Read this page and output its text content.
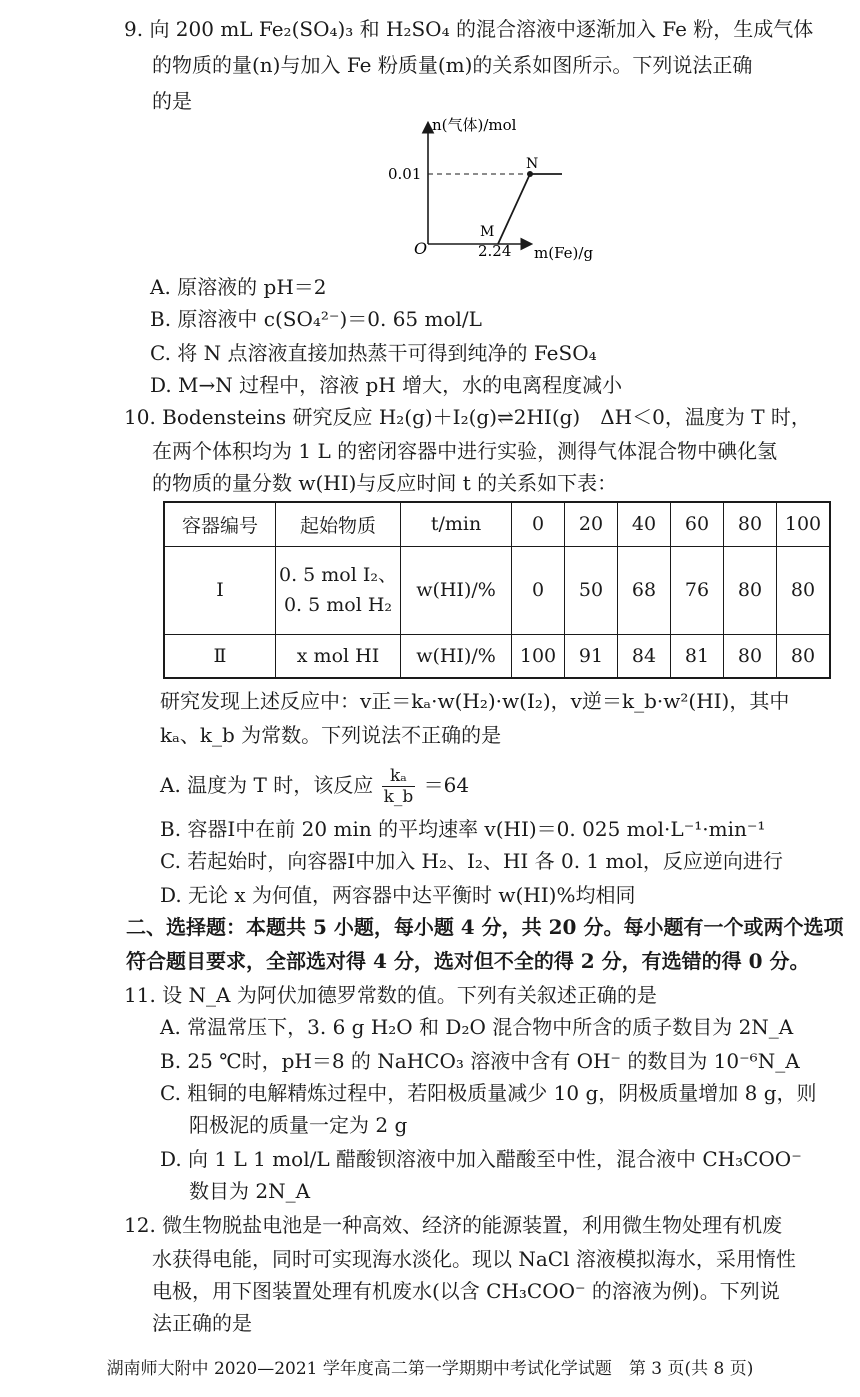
9. 向 200 mL Fe₂(SO₄)₃ 和 H₂SO₄ 的混合溶液中逐渐加入 Fe 粉，生成气体
的物质的量(n)与加入 Fe 粉质量(m)的关系如图所示。下列说法正确
的是
n(气体)/mol
m(Fe)/g
O
0.01
2.24
M
N
A. 原溶液的 pH＝2
B. 原溶液中 c(SO₄²⁻)＝0. 65 mol/L
C. 将 N 点溶液直接加热蒸干可得到纯净的 FeSO₄
D. M→N 过程中，溶液 pH 增大，水的电离程度减小
10. Bodensteins 研究反应 H₂(g)＋I₂(g)⇌2HI(g)　ΔH＜0，温度为 T 时，
在两个体积均为 1 L 的密闭容器中进行实验，测得气体混合物中碘化氢
的物质的量分数 w(HI)与反应时间 t 的关系如下表：
容器编号	起始物质	t/min	0	20	40	60	80	100
Ⅰ	0. 5 mol I₂、
0. 5 mol H₂	w(HI)/%	0	50	68	76	80	80
Ⅱ	x mol HI	w(HI)/%	100	91	84	81	80	80
研究发现上述反应中：v正＝kₐ·w(H₂)·w(I₂)，v逆＝k_b·w²(HI)，其中
kₐ、k_b 为常数。下列说法不正确的是
A. 温度为 T 时，该反应 $\frac{\text{kₐ}}{k\_b} =64$
B. 容器Ⅰ中在前 20 min 的平均速率 v(HI)＝0. 025 mol·L⁻¹·min⁻¹
C. 若起始时，向容器Ⅰ中加入 H₂、I₂、HI 各 0. 1 mol，反应逆向进行
D. 无论 x 为何值，两容器中达平衡时 w(HI)%均相同
二、选择题：本题共 5 小题，每小题 4 分，共 20 分。每小题有一个或两个选项
符合题目要求，全部选对得 4 分，选对但不全的得 2 分，有选错的得 0 分。
11. 设 N_A 为阿伏加德罗常数的值。下列有关叙述正确的是
A. 常温常压下，3. 6 g H₂O 和 D₂O 混合物中所含的质子数目为 2N_A
B. 25 ℃时，pH＝8 的 NaHCO₃ 溶液中含有 OH⁻ 的数目为 10⁻⁶N_A
C. 粗铜的电解精炼过程中，若阳极质量减少 10 g，阴极质量增加 8 g，则
阳极泥的质量一定为 2 g
D. 向 1 L 1 mol/L 醋酸钡溶液中加入醋酸至中性，混合液中 CH₃COO⁻
数目为 2N_A
12. 微生物脱盐电池是一种高效、经济的能源装置，利用微生物处理有机废
水获得电能，同时可实现海水淡化。现以 NaCl 溶液模拟海水，采用惰性
电极，用下图装置处理有机废水(以含 CH₃COO⁻ 的溶液为例)。下列说
法正确的是
湖南师大附中 2020—2021 学年度高二第一学期期中考试化学试题　第 3 页(共 8 页)
